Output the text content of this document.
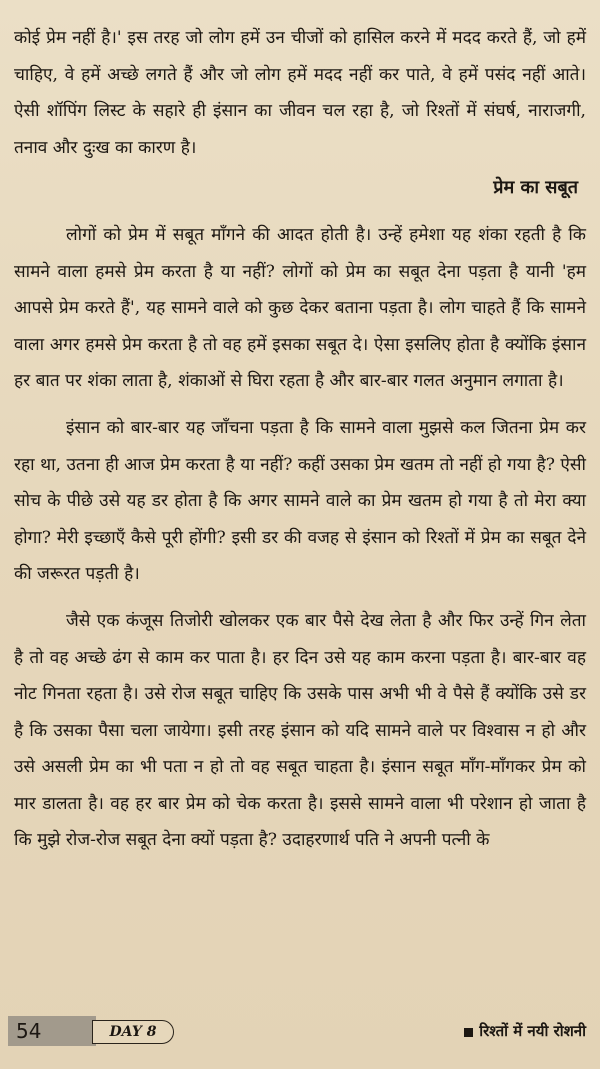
कोई प्रेम नहीं है।' इस तरह जो लोग हमें उन चीजों को हासिल करने में मदद करते हैं, जो हमें चाहिए, वे हमें अच्छे लगते हैं और जो लोग हमें मदद नहीं कर पाते, वे हमें पसंद नहीं आते। ऐसी शॉपिंग लिस्ट के सहारे ही इंसान का जीवन चल रहा है, जो रिश्तों में संघर्ष, नाराजगी, तनाव और दुःख का कारण है।

प्रेम का सबूत

लोगों को प्रेम में सबूत माँगने की आदत होती है। उन्हें हमेशा यह शंका रहती है कि सामने वाला हमसे प्रेम करता है या नहीं? लोगों को प्रेम का सबूत देना पड़ता है यानी 'हम आपसे प्रेम करते हैं', यह सामने वाले को कुछ देकर बताना पड़ता है। लोग चाहते हैं कि सामने वाला अगर हमसे प्रेम करता है तो वह हमें इसका सबूत दे। ऐसा इसलिए होता है क्योंकि इंसान हर बात पर शंका लाता है, शंकाओं से घिरा रहता है और बार-बार गलत अनुमान लगाता है।

इंसान को बार-बार यह जाँचना पड़ता है कि सामने वाला मुझसे कल जितना प्रेम कर रहा था, उतना ही आज प्रेम करता है या नहीं? कहीं उसका प्रेम खतम तो नहीं हो गया है? ऐसी सोच के पीछे उसे यह डर होता है कि अगर सामने वाले का प्रेम खतम हो गया है तो मेरा क्या होगा? मेरी इच्छाएँ कैसे पूरी होंगी? इसी डर की वजह से इंसान को रिश्तों में प्रेम का सबूत देने की जरूरत पड़ती है।

जैसे एक कंजूस तिजोरी खोलकर एक बार पैसे देख लेता है और फिर उन्हें गिन लेता है तो वह अच्छे ढंग से काम कर पाता है। हर दिन उसे यह काम करना पड़ता है। बार-बार वह नोट गिनता रहता है। उसे रोज सबूत चाहिए कि उसके पास अभी भी वे पैसे हैं क्योंकि उसे डर है कि उसका पैसा चला जायेगा। इसी तरह इंसान को यदि सामने वाले पर विश्वास न हो और उसे असली प्रेम का भी पता न हो तो वह सबूत चाहता है। इंसान सबूत माँग-माँगकर प्रेम को मार डालता है। वह हर बार प्रेम को चेक करता है। इससे सामने वाला भी परेशान हो जाता है कि मुझे रोज-रोज सबूत देना क्यों पड़ता है? उदाहरणार्थ पति ने अपनी पत्नी के

54	DAY 8	रिश्तों में नयी रोशनी
